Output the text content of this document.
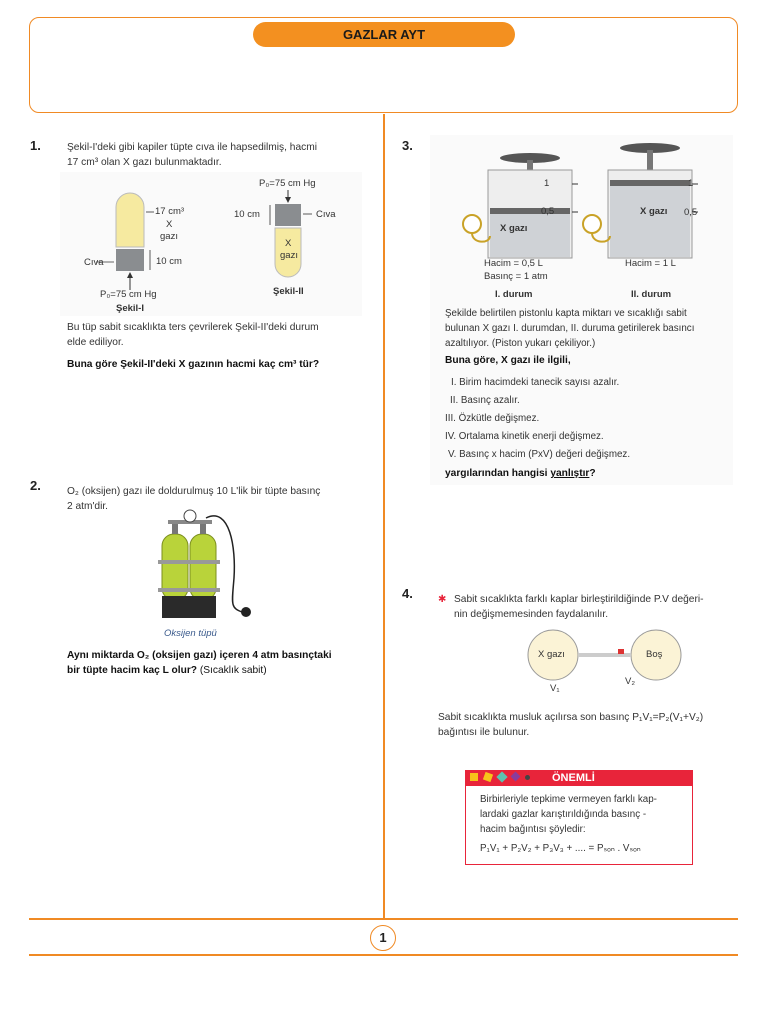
GAZLAR AYT
1.	Şekil-I'deki gibi kapiler tüpte cıva ile hapsedilmiş, hacmi
17 cm³ olan X gazı bulunmaktadır.
17 cm³
X
gazı
Cıva	10 cm
P₀=75 cm Hg
Şekil-I
P₀=75 cm Hg
10 cm	Cıva
X
gazı
Şekil-II
Bu tüp sabit sıcaklıkta ters çevrilerek Şekil-II'deki durum
elde ediliyor.
Buna göre Şekil-II'deki X gazının hacmi kaç cm³ tür?
2.	O₂ (oksijen) gazı ile doldurulmuş 10 L'lik bir tüpte basınç
2 atm'dir.
Oksijen tüpü
Aynı miktarda O₂ (oksijen gazı) içeren 4 atm basınçtaki
bir tüpte hacim kaç L olur? (Sıcaklık sabit)
3.
1
0,5
X gazı
Hacim = 0,5 L
Basınç = 1 atm
I. durum
1
0,5
X gazı
Hacim = 1 L
II. durum
Şekilde belirtilen pistonlu kapta miktarı ve sıcaklığı sabit
bulunan X gazı I. durumdan, II. duruma getirilerek basıncı
azaltılıyor. (Piston yukarı çekiliyor.)
Buna göre, X gazı ile ilgili,
I. Birim hacimdeki tanecik sayısı azalır.
II. Basınç azalır.
III. Özkütle değişmez.
IV. Ortalama kinetik enerji değişmez.
V. Basınç x hacim (PxV) değeri değişmez.
yargılarından hangisi yanlıştır?
4.	✱ Sabit sıcaklıkta farklı kaplar birleştirildiğinde P.V değeri-
nin değişmemesinden faydalanılır.
X gazı	Boş
V₁
V₂
Sabit sıcaklıkta musluk açılırsa son basınç P₁V₁=P₂(V₁+V₂)
bağıntısı ile bulunur.
ÖNEMLİ
Birbirleriyle tepkime vermeyen farklı kap-
lardaki gazlar karıştırıldığında basınç -
hacim bağıntısı şöyledir:
P₁V₁ + P₂V₂ + P₃V₃ + .... = Pₛₒₙ . Vₛₒₙ
1
